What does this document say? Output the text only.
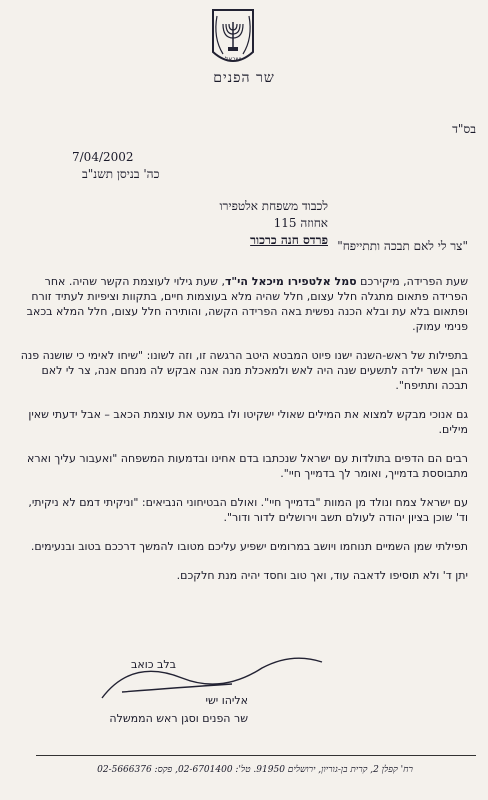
ישראל
שר הפנים
בס"ד
7/04/2002
כה' בניסן תשנ"ב
לכבוד משפחת אלטפירו
אחוזה 115
פרדס חנה כרכור "צר לי לאם תבכה ותתייפח"

שעת הפרידה, מיקירכם סמל אלטפירו מיכאל הי"ד, שעת גילוי לעוצמת הקשר שהיה. אחר הפרידה פתאום מתגלה חלל עצום, חלל שהיה מלא בעוצמות חיים, בתקוות וציפיות לעתיד זורח ופתאום בלא עת ובלא הכנה נפשית באה הפרידה הקשה, והותירה חלל עצום, חלל המלא בכאב פנימי עמוק.

בתפילות של ראש-השנה ישנו פיוט המבטא היטב הרגשה זו, וזה לשונו: "שיחו לאימי כי שושנה פנה הבן אשר ילדה לתשעים שנה היה לאש ולמאכלת מנה אנה אבקש לה מנחם אנה, צר לי לאם תבכה ותתיפח".

גם אנוכי מבקש למצוא את המילים שאולי ישקיטו ולו במעט את עוצמת הכאב – אבל ידעתי שאין מילים.

רבים הם הדפים בתולדות עם ישראל שנכתבו בדם אחינו ובדמעות המשפחה "ואעבור עליך וארא מתבוססת בדמייך, ואומר לך בדמייך חיי".

עם ישראל צמח ונולד מן המוות "בדמייך חיי". ואולם הבטיחוני הנביאים: "וניקיתי דמם לא ניקיתי, וד' שוכן בציון יהודה לעולם תשב וירושלים לדור ודור".

תפילתי שמן השמיים תנוחמו ויושב במרומים ישפיע עליכם מטובו להמשך דרככם בטוב ובנעימים.

יתן ד' ולא תוסיפו לדאבה עוד, ואך טוב וחסד יהיה מנת חלקכם.

בלב כואב
אליהו ישי
שר הפנים וסגן ראש הממשלה
רח' קפלן 2, קרית בן-גוריון, ירושלים 91950. טל': 02-6701400, פקס: 02-5666376
